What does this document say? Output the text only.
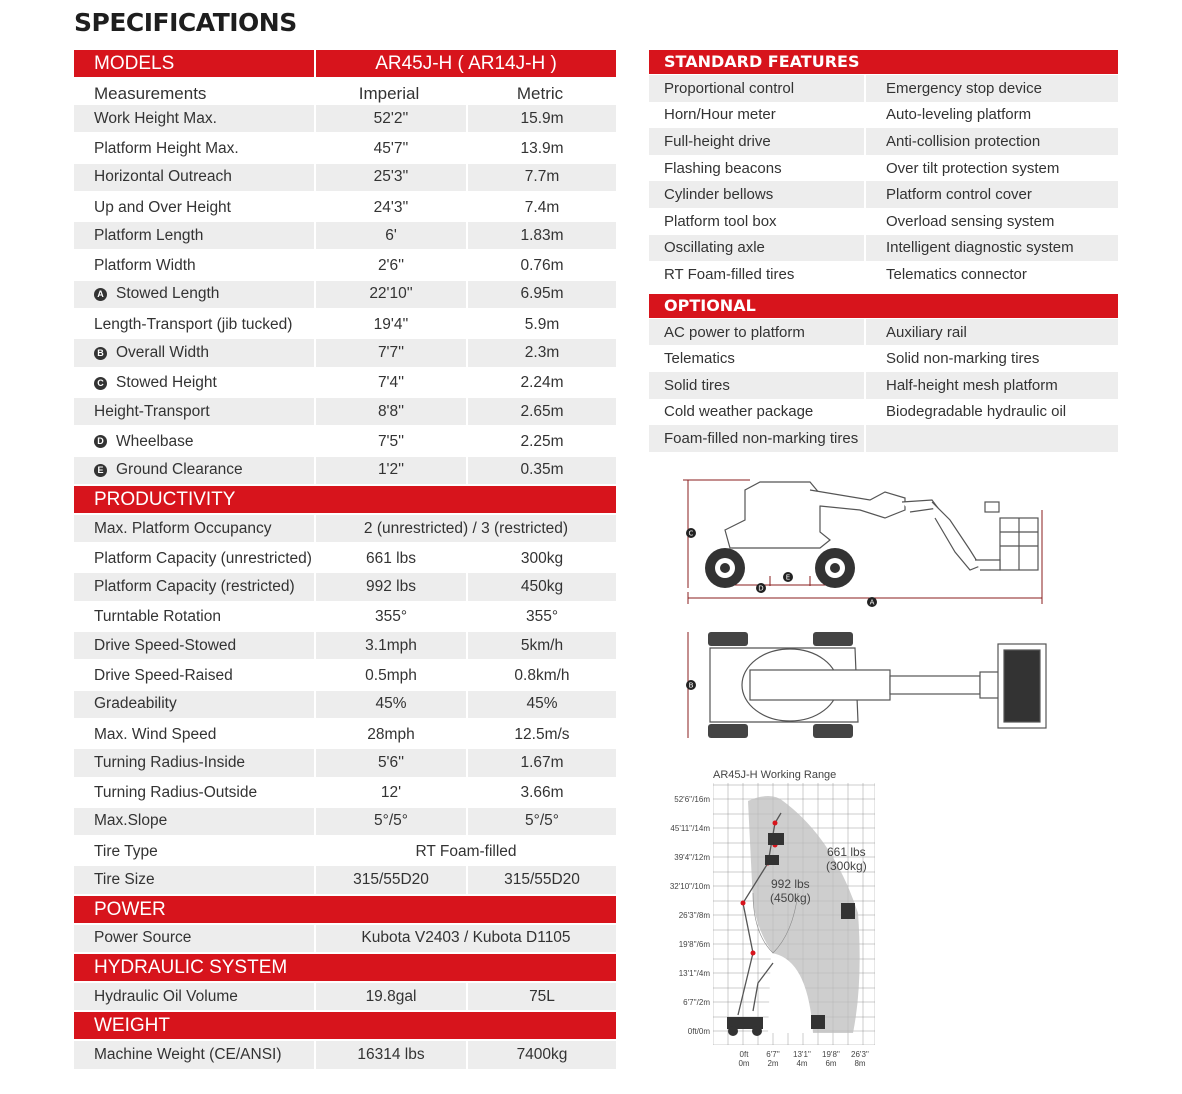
SPECIFICATIONS
MODELS	AR45J-H ( AR14J-H )
Measurements	Imperial	Metric
Work Height Max.	52'2''	15.9m
Platform Height Max.	45'7''	13.9m
Horizontal Outreach	25'3''	7.7m
Up and Over Height	24'3''	7.4m
Platform Length	6'	1.83m
Platform Width	2'6''	0.76m
A Stowed Length	22'10''	6.95m
Length-Transport (jib tucked)	19'4''	5.9m
B Overall Width	7'7''	2.3m
C Stowed Height	7'4''	2.24m
Height-Transport	8'8''	2.65m
D Wheelbase	7'5''	2.25m
E Ground Clearance	1'2''	0.35m
PRODUCTIVITY
Max. Platform Occupancy	2 (unrestricted) / 3 (restricted)
Platform Capacity (unrestricted)	661 lbs	300kg
Platform Capacity (restricted)	992 lbs	450kg
Turntable Rotation	355°	355°
Drive Speed-Stowed	3.1mph	5km/h
Drive Speed-Raised	0.5mph	0.8km/h
Gradeability	45%	45%
Max. Wind Speed	28mph	12.5m/s
Turning Radius-Inside	5'6''	1.67m
Turning Radius-Outside	12'	3.66m
Max.Slope	5°/5°	5°/5°
Tire Type	RT Foam-filled
Tire Size	315/55D20	315/55D20
POWER
Power Source	Kubota V2403 / Kubota D1105
HYDRAULIC SYSTEM
Hydraulic Oil Volume	19.8gal	75L
WEIGHT
Machine Weight (CE/ANSI)	16314 lbs	7400kg
STANDARD FEATURES
Proportional control	Emergency stop device
Horn/Hour meter	Auto-leveling platform
Full-height drive	Anti-collision protection
Flashing beacons	Over tilt protection system
Cylinder bellows	Platform control cover
Platform tool box	Overload sensing system
Oscillating axle	Intelligent diagnostic system
RT Foam-filled tires	Telematics connector
OPTIONAL
AC power to platform	Auxiliary rail
Telematics	Solid non-marking tires
Solid tires	Half-height mesh platform
Cold weather package	Biodegradable hydraulic oil
Foam-filled non-marking tires
C
D
E
A
B
AR45J-H Working Range
52'6''/16m
45'11''/14m
39'4''/12m
32'10''/10m
26'3''/8m
19'8''/6m
13'1''/4m
6'7''/2m
0ft/0m
0ft
0m
6'7''
2m
13'1''
4m
19'8''
6m
26'3''
8m
661 lbs
(300kg)
992 lbs
(450kg)
